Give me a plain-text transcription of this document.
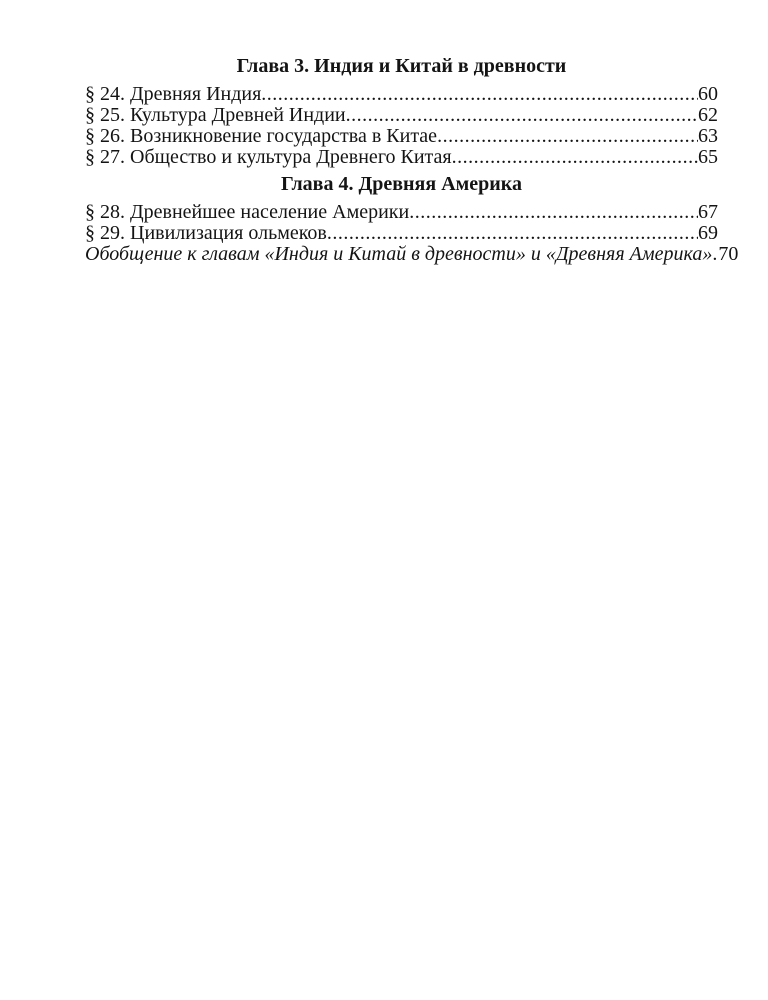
Глава 3. Индия и Китай в древности
§ 24. Древняя Индия .....	60
§ 25. Культура Древней Индии .....	62
§ 26. Возникновение государства в Китае .....	63
§ 27. Общество и культура Древнего Китая .....	65
Глава 4. Древняя Америка
§ 28. Древнейшее население Америки .....	67
§ 29. Цивилизация ольмеков .....	69
Обобщение к главам «Индия и Китай в древности» и «Древняя Америка» ..... 70
